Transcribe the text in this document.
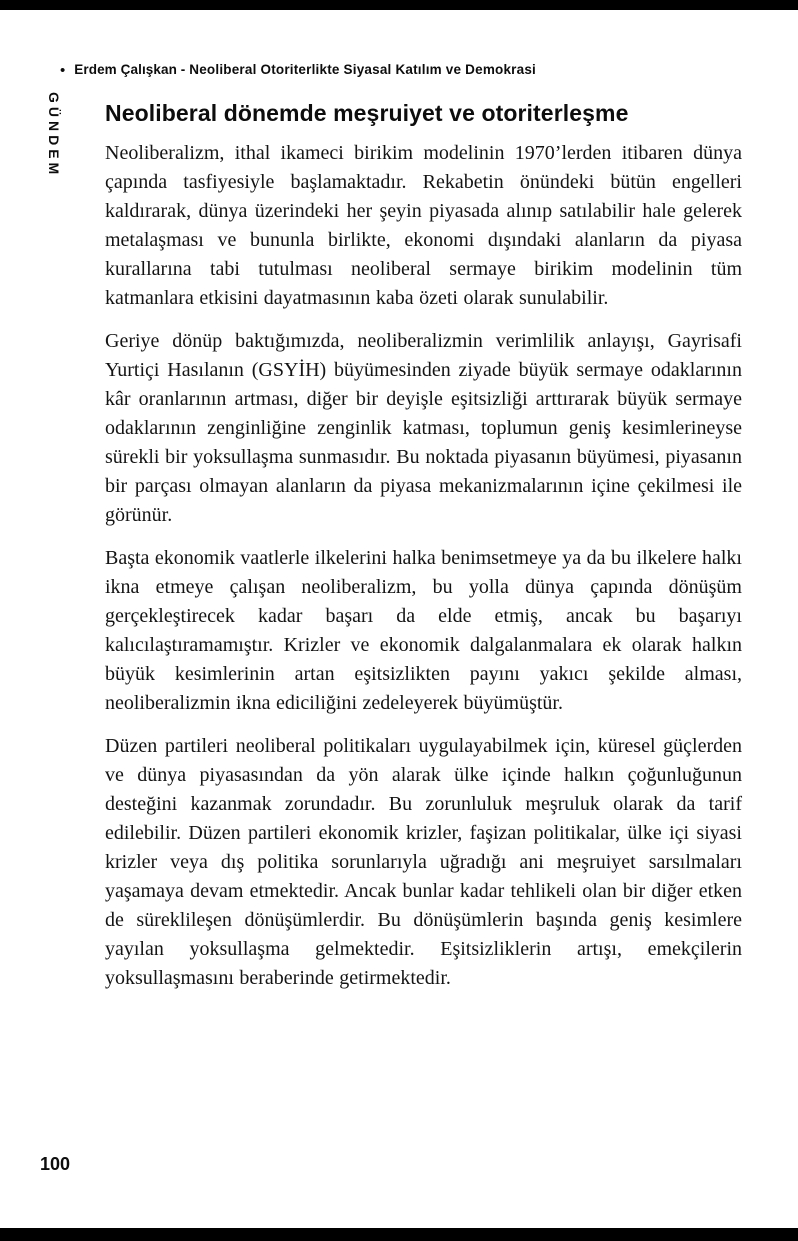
• Erdem Çalışkan - Neoliberal Otoriterlikte Siyasal Katılım ve Demokrasi
GÜNDEM Neoliberal dönemde meşruiyet ve otoriterleşme

Neoliberalizm, ithal ikameci birikim modelinin 1970’lerden itibaren dünya çapında tasfiyesiyle başlamaktadır. Rekabetin önündeki bütün engelleri kaldırarak, dünya üzerindeki her şeyin piyasada alınıp satılabilir hale gelerek metalaşması ve bununla birlikte, ekonomi dışındaki alanların da piyasa kurallarına tabi tutulması neoliberal sermaye birikim modelinin tüm katmanlara etkisini dayatmasının kaba özeti olarak sunulabilir.

Geriye dönüp baktığımızda, neoliberalizmin verimlilik anlayışı, Gayrisafi Yurtiçi Hasılanın (GSYİH) büyümesinden ziyade büyük sermaye odaklarının kâr oranlarının artması, diğer bir deyişle eşitsizliği arttırarak büyük sermaye odaklarının zenginliğine zenginlik katması, toplumun geniş kesimlerineyse sürekli bir yoksullaşma sunmasıdır. Bu noktada piyasanın büyümesi, piyasanın bir parçası olmayan alanların da piyasa mekanizmalarının içine çekilmesi ile görünür.

Başta ekonomik vaatlerle ilkelerini halka benimsetmeye ya da bu ilkelere halkı ikna etmeye çalışan neoliberalizm, bu yolla dünya çapında dönüşüm gerçekleştirecek kadar başarı da elde etmiş, ancak bu başarıyı kalıcılaştıramamıştır. Krizler ve ekonomik dalgalanmalara ek olarak halkın büyük kesimlerinin artan eşitsizlikten payını yakıcı şekilde alması, neoliberalizmin ikna ediciliğini zedeleyerek büyümüştür.

Düzen partileri neoliberal politikaları uygulayabilmek için, küresel güçlerden ve dünya piyasasından da yön alarak ülke içinde halkın çoğunluğunun desteğini kazanmak zorundadır. Bu zorunluluk meşruluk olarak da tarif edilebilir. Düzen partileri ekonomik krizler, faşizan politikalar, ülke içi siyasi krizler veya dış politika sorunlarıyla uğradığı ani meşruiyet sarsılmaları yaşamaya devam etmektedir. Ancak bunlar kadar tehlikeli olan bir diğer etken de süreklileşen dönüşümlerdir. Bu dönüşümlerin başında geniş kesimlere yayılan yoksullaşma gelmektedir. Eşitsizliklerin artışı, emekçilerin yoksullaşmasını beraberinde getirmektedir.

100
